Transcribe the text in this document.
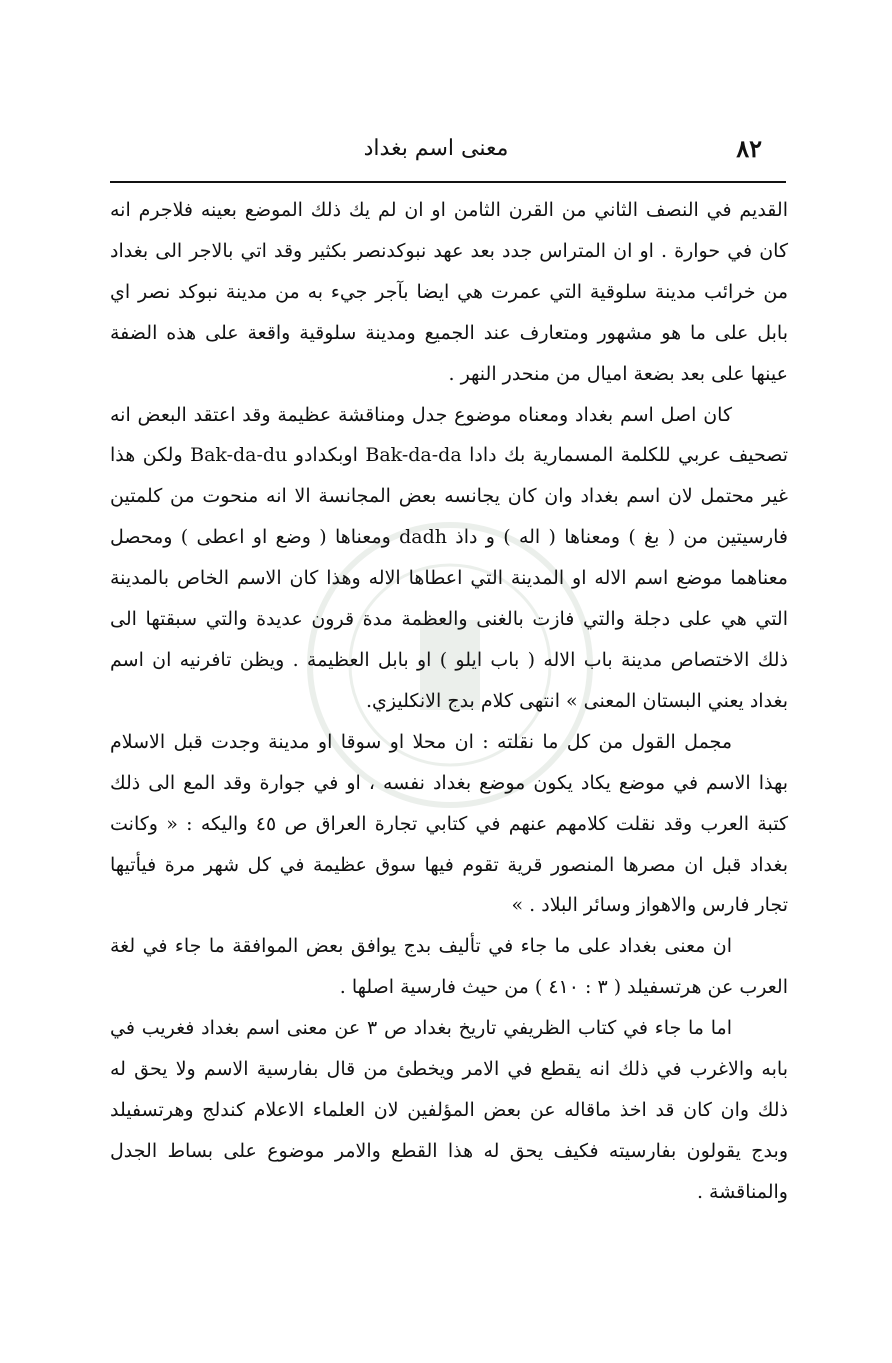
٨٢
معنى اسم بغداد

القديم في النصف الثاني من القرن الثامن او ان لم يك ذلك الموضع بعينه فلاجرم انه كان في حوارة . او ان المتراس جدد بعد عهد نبوكدنصر بكثير وقد اتي بالاجر الى بغداد من خرائب مدينة سلوقية التي عمرت هي ايضا بآجر جيء به من مدينة نبوكد نصر اي بابل على ما هو مشهور ومتعارف عند الجميع ومدينة سلوقية واقعة على هذه الضفة عينها على بعد بضعة اميال من منحدر النهر .

كان اصل اسم بغداد ومعناه موضوع جدل ومناقشة عظيمة وقد اعتقد البعض انه تصحيف عربي للكلمة المسمارية بك دادا Bak-da-da اوبكدادو Bak-da-du ولكن هذا غير محتمل لان اسم بغداد وان كان يجانسه بعض المجانسة الا انه منحوت من كلمتين فارسيتين من ( بغ ) ومعناها ( اله ) و داذ dadh ومعناها ( وضع او اعطى ) ومحصل معناهما موضع اسم الاله او المدينة التي اعطاها الاله وهذا كان الاسم الخاص بالمدينة التي هي على دجلة والتي فازت بالغنى والعظمة مدة قرون عديدة والتي سبقتها الى ذلك الاختصاص مدينة باب الاله ( باب ايلو ) او بابل العظيمة . ويظن تافرنيه ان اسم بغداد يعني البستان المعنى » انتهى كلام بدج الانكليزي.

مجمل القول من كل ما نقلته : ان محلا او سوقا او مدينة وجدت قبل الاسلام بهذا الاسم في موضع يكاد يكون موضع بغداد نفسه ، او في جوارة وقد المع الى ذلك كتبة العرب وقد نقلت كلامهم عنهم في كتابي تجارة العراق ص ٤٥ واليكه : « وكانت بغداد قبل ان مصرها المنصور قرية تقوم فيها سوق عظيمة في كل شهر مرة فيأتيها تجار فارس والاهواز وسائر البلاد . »

ان معنى بغداد على ما جاء في تأليف بدج يوافق بعض الموافقة ما جاء في لغة العرب عن هرتسفيلد ( ٣ : ٤١٠ ) من حيث فارسية اصلها .

اما ما جاء في كتاب الظريفي تاريخ بغداد ص ٣ عن معنى اسم بغداد فغريب في بابه والاغرب في ذلك انه يقطع في الامر ويخطئ من قال بفارسية الاسم ولا يحق له ذلك وان كان قد اخذ ماقاله عن بعض المؤلفين لان العلماء الاعلام كندلج وهرتسفيلد وبدج يقولون بفارسيته فكيف يحق له هذا القطع والامر موضوع على بساط الجدل والمناقشة .
